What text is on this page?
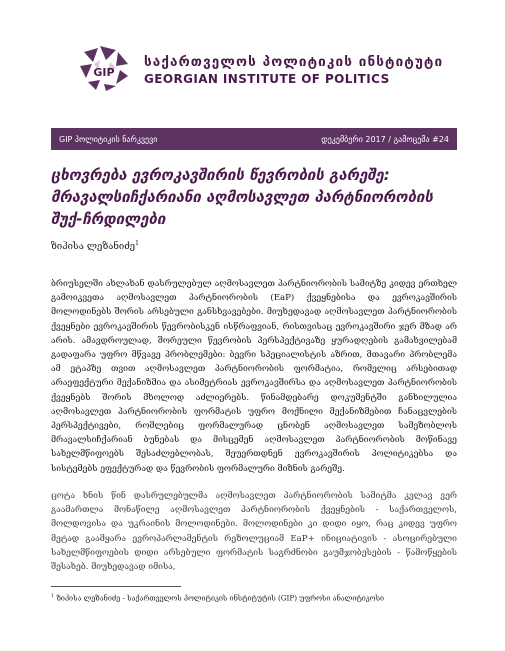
GIP
საქართველოს პოლიტიკის ინსტიტუტი
GEORGIAN INSTITUTE OF POLITICS
GIP პოლიტიკის ნარკვევი	დეკემბერი 2017 / გამოცემა #24
ცხოვრება ევროკავშირის წევრობის გარეშე: მრავალსიჩქარიანი აღმოსავლეთ პარტნიორობის შუქ-ჩრდილები
ზიჰისა ლეზანიძე$^1$

ბრიუსელში ახლახან დასრულებულ აღმოსავლეთ პარტნიორობის სამიტზე კიდევ ერთხელ გამოიკვეთა აღმოსავლეთ პარტნიორობის (EaP) ქვეყნებისა და ევროკავშირის მოლოდინებს შორის არსებული განსხვავებები. მიუხედავად აღმოსავლეთ პარტნიორობის ქვეყნები ევროკავშირის წევრობისკენ ისწრაფვიან, რისთვისაც ევროკავშირი ჯერ მზად არ არის. ამავდროულად, შორეული წევრობის პერსპექტივაზე ყურადღების გამახვილებამ გადაფარა უფრო მწვავე პრობლემები: ბევრი სპეციალისტის აზრით, მთავარი პრობლემა ამ ეტაპზე თვით აღმოსავლეთ პარტნიორობის ფორმატია, რომელიც არსებითად არაეფექტური მექანიზმია და ასიმეტრიას ევროკავშირსა და აღმოსავლეთ პარტნიორობის ქვეყნებს შორის მხოლოდ აძლიერებს. წინამდებარე დოკუმენტში განხილულია აღმოსავლეთ პარტნიორობის ფორმატის უფრო მოქნილი მექანიზმებით ჩანაცვლების პერსპექტივები, რომლებიც ფორმალურად ცნობენ აღმოსავლეთ სამეზობლოს მრავალსიჩქარიან ბუნებას და მისცემენ აღმოსავლეთ პარტნიორობის მოწინავე სახელმწიფოებს შესაძლებლობას, შეუერთდნენ ევროკავშირის პოლიტიკებსა და სისტემებს ეფექტურად და წევრობის ფორმალური მიზნის გარეშე.

ცოტა ხნის წინ დასრულებულმა აღმოსავლეთ პარტნიორობის სამიტმა კვლავ ვერ გაამართლა მონაწილე აღმოსავლეთ პარტნიორობის ქვეყნების - საქართველოს, მოლდოვისა და უკრაინის მოლოდინები. მოლოდინები კი დიდი იყო, რაც კიდევ უფრო მეტად გაამყარა ევროპარლამენტის რეზოლუციამ EaP+ ინიციატივის - ასოცირებული სახელმწიფოების დიდი არსებული ფორმატის საგრძნობი გაუმჯობესების - წამოწყების შესახებ. მიუხედავად იმისა,

$^1$ ზიჰისა ლეზანიძე - საქართველოს პოლიტიკის ინსტიტუტის (GIP) უფროსი ანალიტიკოსი
